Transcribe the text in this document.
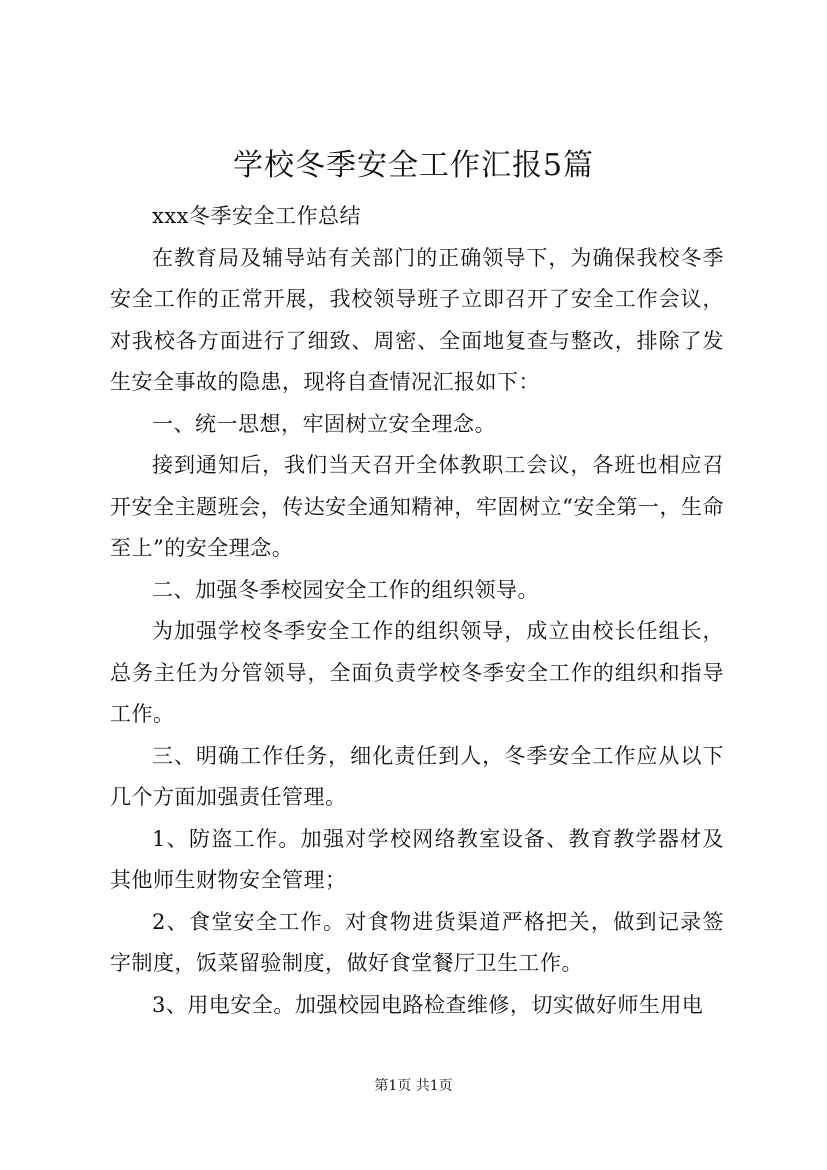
学校冬季安全工作汇报5篇

xxx冬季安全工作总结

在教育局及辅导站有关部门的正确领导下，为确保我校冬季安全工作的正常开展，我校领导班子立即召开了安全工作会议，对我校各方面进行了细致、周密、全面地复查与整改，排除了发生安全事故的隐患，现将自查情况汇报如下：

一、统一思想，牢固树立安全理念。

接到通知后，我们当天召开全体教职工会议，各班也相应召开安全主题班会，传达安全通知精神，牢固树立“安全第一，生命至上”的安全理念。

二、加强冬季校园安全工作的组织领导。

为加强学校冬季安全工作的组织领导，成立由校长任组长，总务主任为分管领导，全面负责学校冬季安全工作的组织和指导工作。

三、明确工作任务，细化责任到人，冬季安全工作应从以下几个方面加强责任管理。

1、防盗工作。加强对学校网络教室设备、教育教学器材及其他师生财物安全管理；

2、食堂安全工作。对食物进货渠道严格把关，做到记录签字制度，饭菜留验制度，做好食堂餐厅卫生工作。

3、用电安全。加强校园电路检查维修，切实做好师生用电

第1页 共1页
